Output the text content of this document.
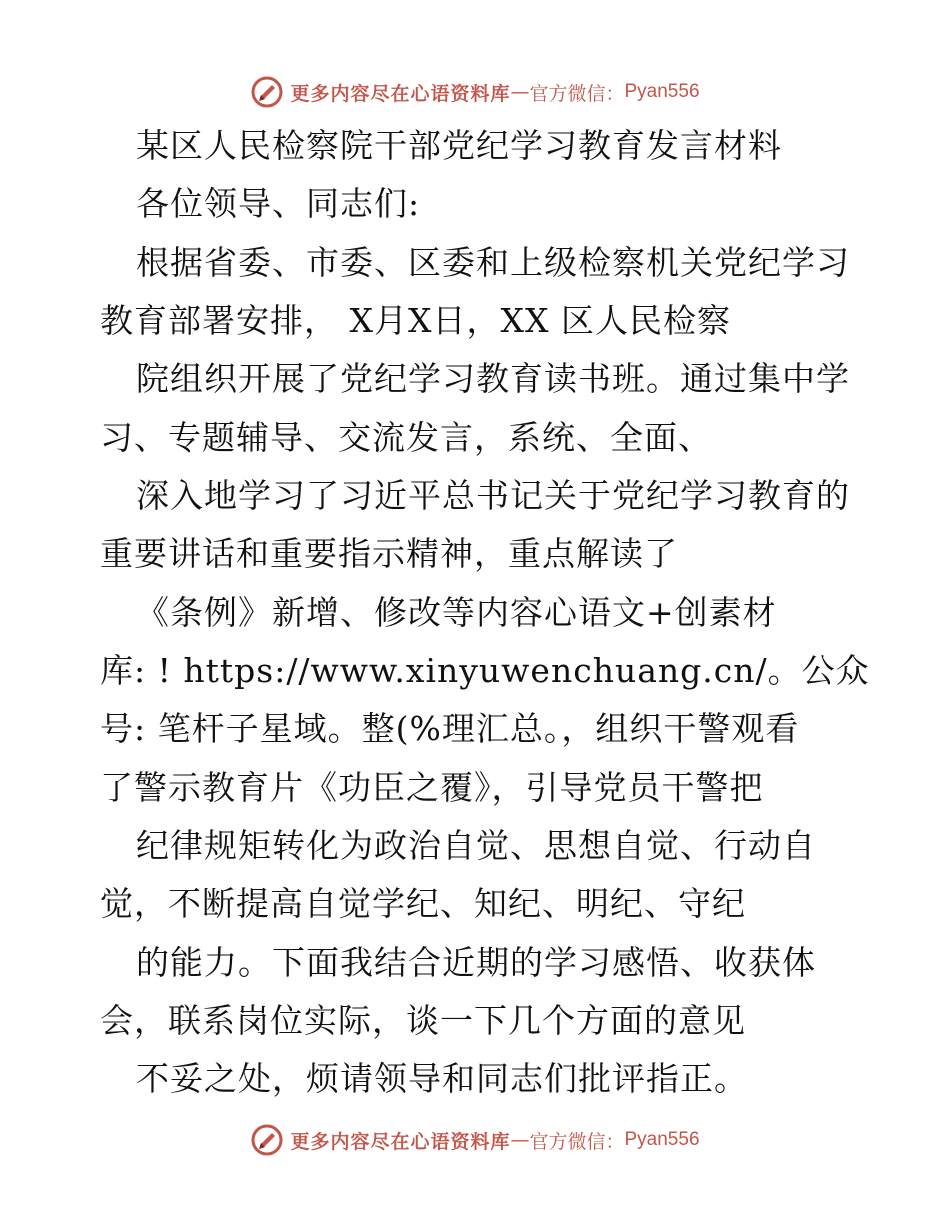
更多内容尽在心语资料库 — 官方微信： Pyan556
某区人民检察院干部党纪学习教育发言材料
各位领导、同志们:
根据省委、市委、区委和上级检察机关党纪学习
教育部署安排， X月X日，XX 区人民检察
院组织开展了党纪学习教育读书班。通过集中学
习、专题辅导、交流发言，系统、全面、
深入地学习了习近平总书记关于党纪学习教育的
重要讲话和重要指示精神，重点解读了
《条例》新增、修改等内容心语文+创素材
库: ! https://www.xinyuwenchuang.cn/。公众
号: 笔杆子星域。整(%理汇总。，组织干警观看
了警示教育片《功臣之覆》，引导党员干警把
纪律规矩转化为政治自觉、思想自觉、行动自
觉，不断提高自觉学纪、知纪、明纪、守纪
的能力。下面我结合近期的学习感悟、收获体
会，联系岗位实际，谈一下几个方面的意见
不妥之处，烦请领导和同志们批评指正。
更多内容尽在心语资料库 — 官方微信： Pyan556
